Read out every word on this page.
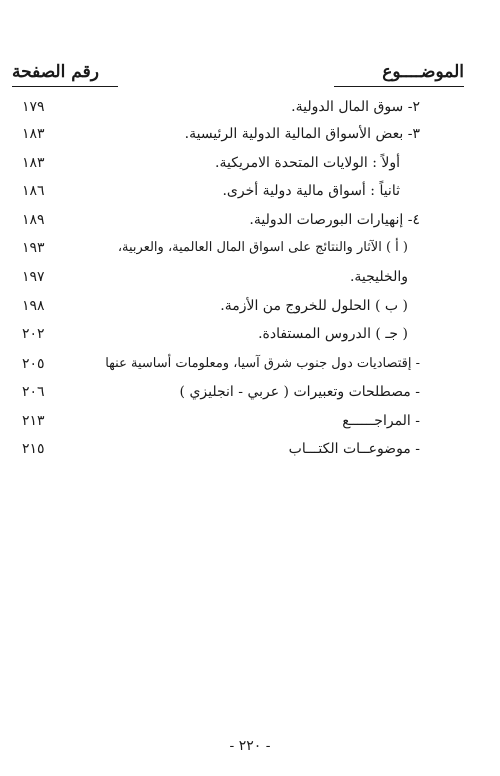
الموضــــوع
رقم الصفحة
٢- سوق المال الدولية.
١٧٩
٣- بعض الأسواق المالية الدولية الرئيسية.
١٨٣
أولاً : الولايات المتحدة الامريكية.
١٨٣
ثانياً : أسواق مالية دولية أخرى.
١٨٦
٤- إنهيارات البورصات الدولية.
١٨٩
( أ ) الآثار والنتائج على اسواق المال العالمية، والعربية،
١٩٣
والخليجية.
١٩٧
( ب ) الحلول للخروج من الأزمة.
١٩٨
( جـ ) الدروس المستفادة.
٢٠٢
- إقتصاديات دول جنوب شرق آسيا، ومعلومات أساسية عنها
٢٠٥
- مصطلحات وتعبيرات ( عربي - انجليزي )
٢٠٦
- المراجــــــع
٢١٣
- موضوعــات الكتـــاب
٢١٥
- ٢٢٠ -
